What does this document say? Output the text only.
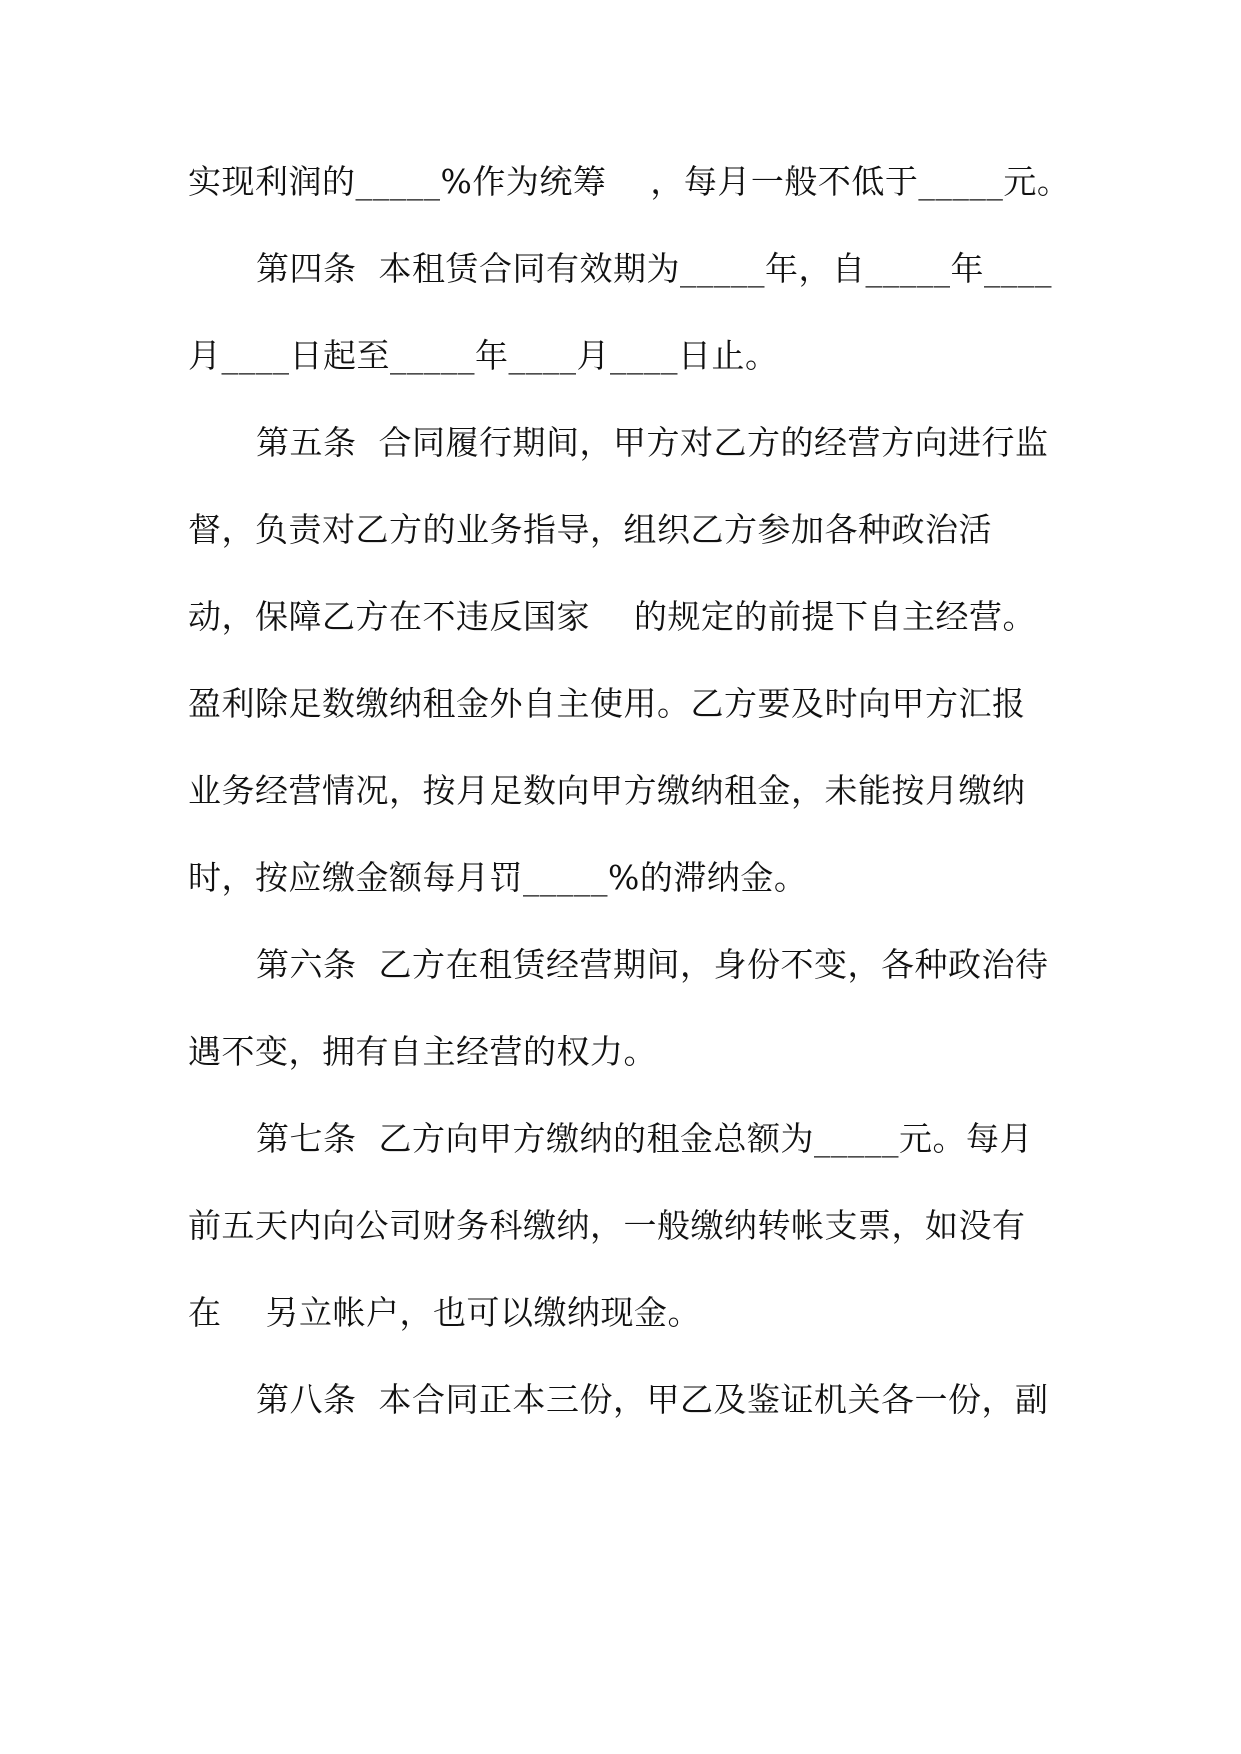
实现利润的_____%作为统筹    ，每月一般不低于_____元。
第四条  本租赁合同有效期为_____年，自_____年____
月____日起至_____年____月____日止。
第五条  合同履行期间，甲方对乙方的经营方向进行监
督，负责对乙方的业务指导，组织乙方参加各种政治活
动，保障乙方在不违反国家    的规定的前提下自主经营。
盈利除足数缴纳租金外自主使用。乙方要及时向甲方汇报
业务经营情况，按月足数向甲方缴纳租金，未能按月缴纳
时，按应缴金额每月罚_____%的滞纳金。
第六条  乙方在租赁经营期间，身份不变，各种政治待
遇不变，拥有自主经营的权力。
第七条  乙方向甲方缴纳的租金总额为_____元。每月
前五天内向公司财务科缴纳，一般缴纳转帐支票，如没有
在    另立帐户，也可以缴纳现金。
第八条  本合同正本三份，甲乙及鉴证机关各一份，副
